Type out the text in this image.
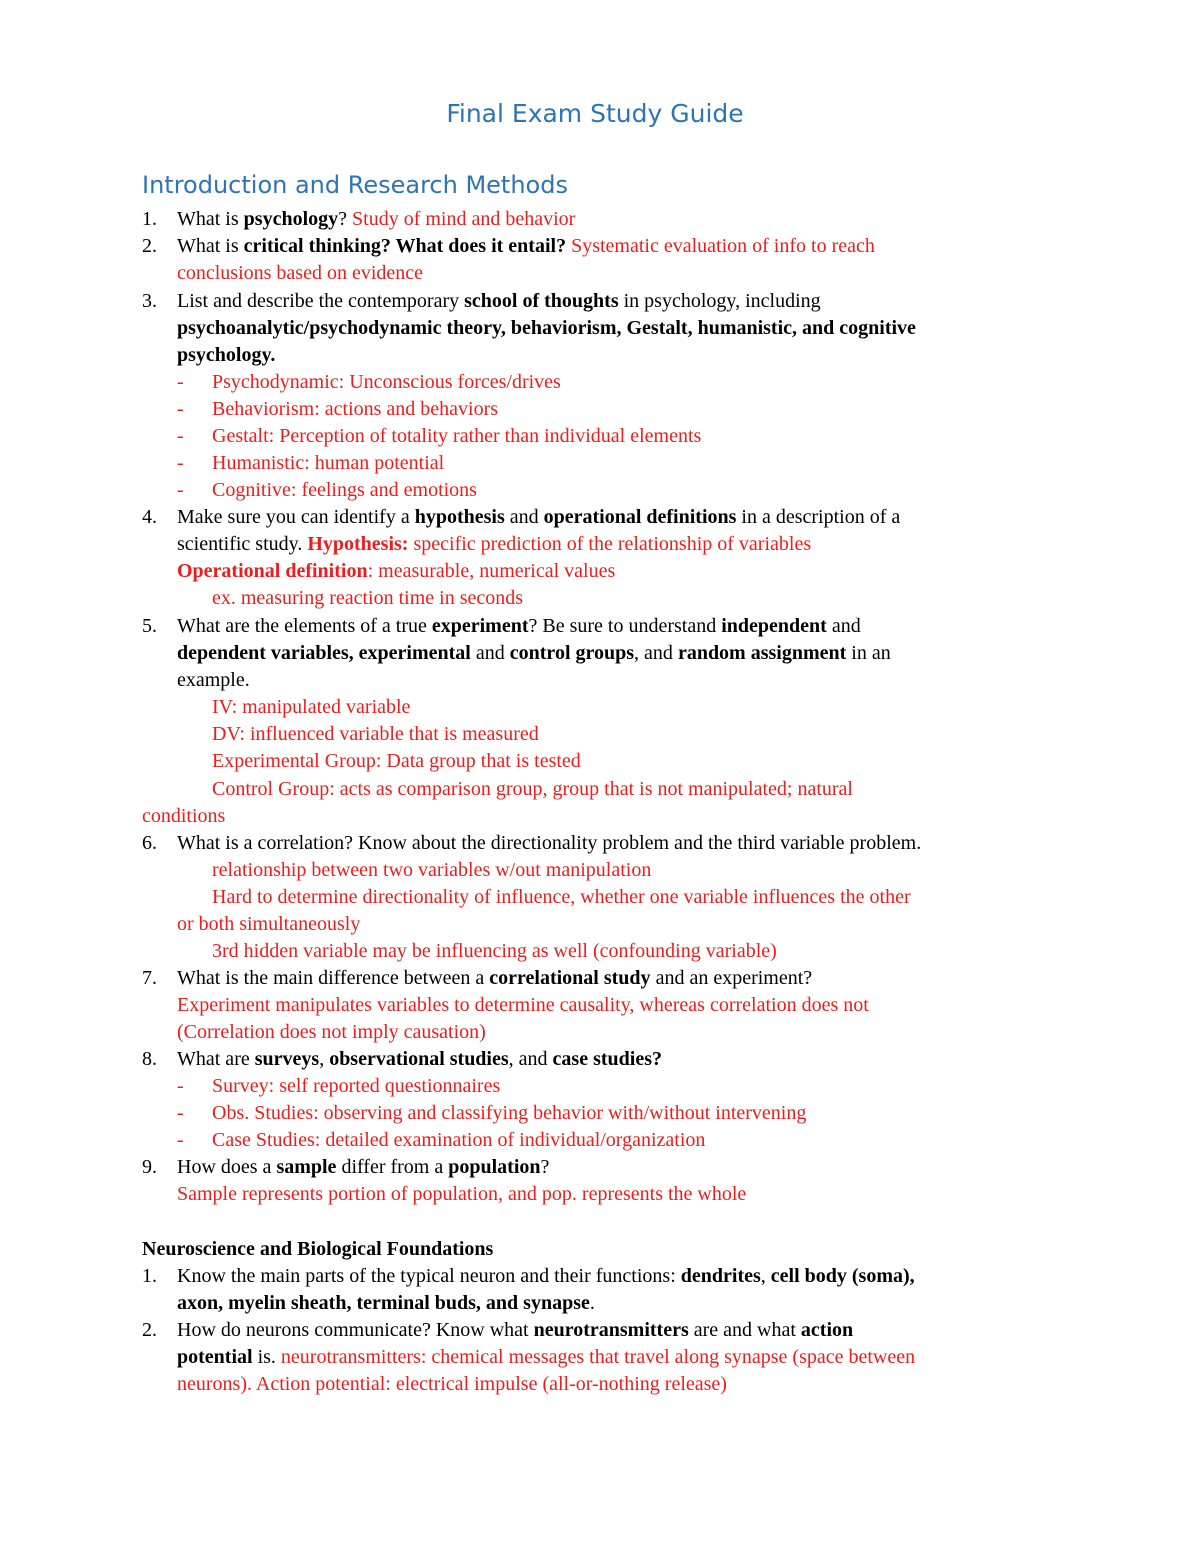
Final Exam Study Guide
Introduction and Research Methods
1. What is psychology? Study of mind and behavior
2. What is critical thinking? What does it entail? Systematic evaluation of info to reach
conclusions based on evidence
3. List and describe the contemporary school of thoughts in psychology, including
psychoanalytic/psychodynamic theory, behaviorism, Gestalt, humanistic, and cognitive
psychology.
- Psychodynamic: Unconscious forces/drives
- Behaviorism: actions and behaviors
- Gestalt: Perception of totality rather than individual elements
- Humanistic: human potential
- Cognitive: feelings and emotions
4. Make sure you can identify a hypothesis and operational definitions in a description of a
scientific study. Hypothesis: specific prediction of the relationship of variables
Operational definition: measurable, numerical values
ex. measuring reaction time in seconds
5. What are the elements of a true experiment? Be sure to understand independent and
dependent variables, experimental and control groups, and random assignment in an
example.
IV: manipulated variable
DV: influenced variable that is measured
Experimental Group: Data group that is tested
Control Group: acts as comparison group, group that is not manipulated; natural
conditions
6. What is a correlation? Know about the directionality problem and the third variable problem.
relationship between two variables w/out manipulation
Hard to determine directionality of influence, whether one variable influences the other
or both simultaneously
3rd hidden variable may be influencing as well (confounding variable)
7. What is the main difference between a correlational study and an experiment?
Experiment manipulates variables to determine causality, whereas correlation does not
(Correlation does not imply causation)
8. What are surveys, observational studies, and case studies?
- Survey: self reported questionnaires
- Obs. Studies: observing and classifying behavior with/without intervening
- Case Studies: detailed examination of individual/organization
9. How does a sample differ from a population?
Sample represents portion of population, and pop. represents the whole
Neuroscience and Biological Foundations
1. Know the main parts of the typical neuron and their functions: dendrites, cell body (soma),
axon, myelin sheath, terminal buds, and synapse.
2. How do neurons communicate? Know what neurotransmitters are and what action
potential is. neurotransmitters: chemical messages that travel along synapse (space between
neurons). Action potential: electrical impulse (all-or-nothing release)
